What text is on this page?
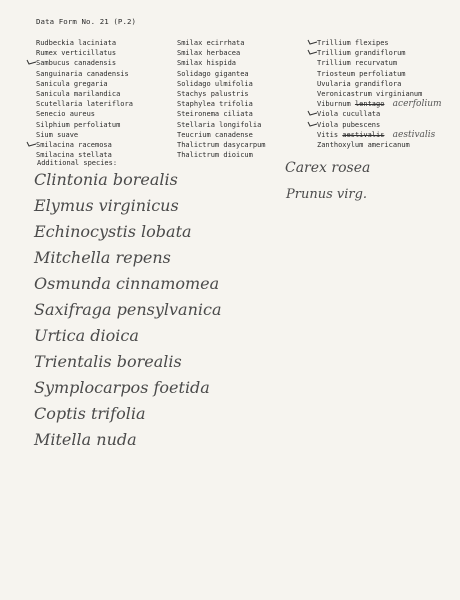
Data Form No. 21 (P.2)
Rudbeckia laciniata
Rumex verticillatus
Sambucus canadensis
Sanguinaria canadensis
Sanicula gregaria
Sanicula marilandica
Scutellaria lateriflora
Senecio aureus
Silphium perfoliatum
Sium suave
Smilacina racemosa
Smilacina stellata
Smilax ecirrhata
Smilax herbacea
Smilax hispida
Solidago gigantea
Solidago ulmifolia
Stachys palustris
Staphylea trifolia
Steironema ciliata
Stellaria longifolia
Teucrium canadense
Thalictrum dasycarpum
Thalictrum dioicum
Trillium flexipes
Trillium grandiflorum
Trillium recurvatum
Triosteum perfoliatum
Uvularia grandiflora
Veronicastrum virginianum
Viburnum lentago acerfolium
Viola cucullata
Viola pubescens
Vitis aestivalis aestivalis
Zanthoxylum americanum
Additional species:
Clintonia borealis
Elymus virginicus
Echinocystis lobata
Mitchella repens
Osmunda cinnamomea
Saxifraga pensylvanica
Urtica dioica
Trientalis borealis
Symplocarpos foetida
Coptis trifolia
Mitella nuda
Carex rosea
Prunus virg.
